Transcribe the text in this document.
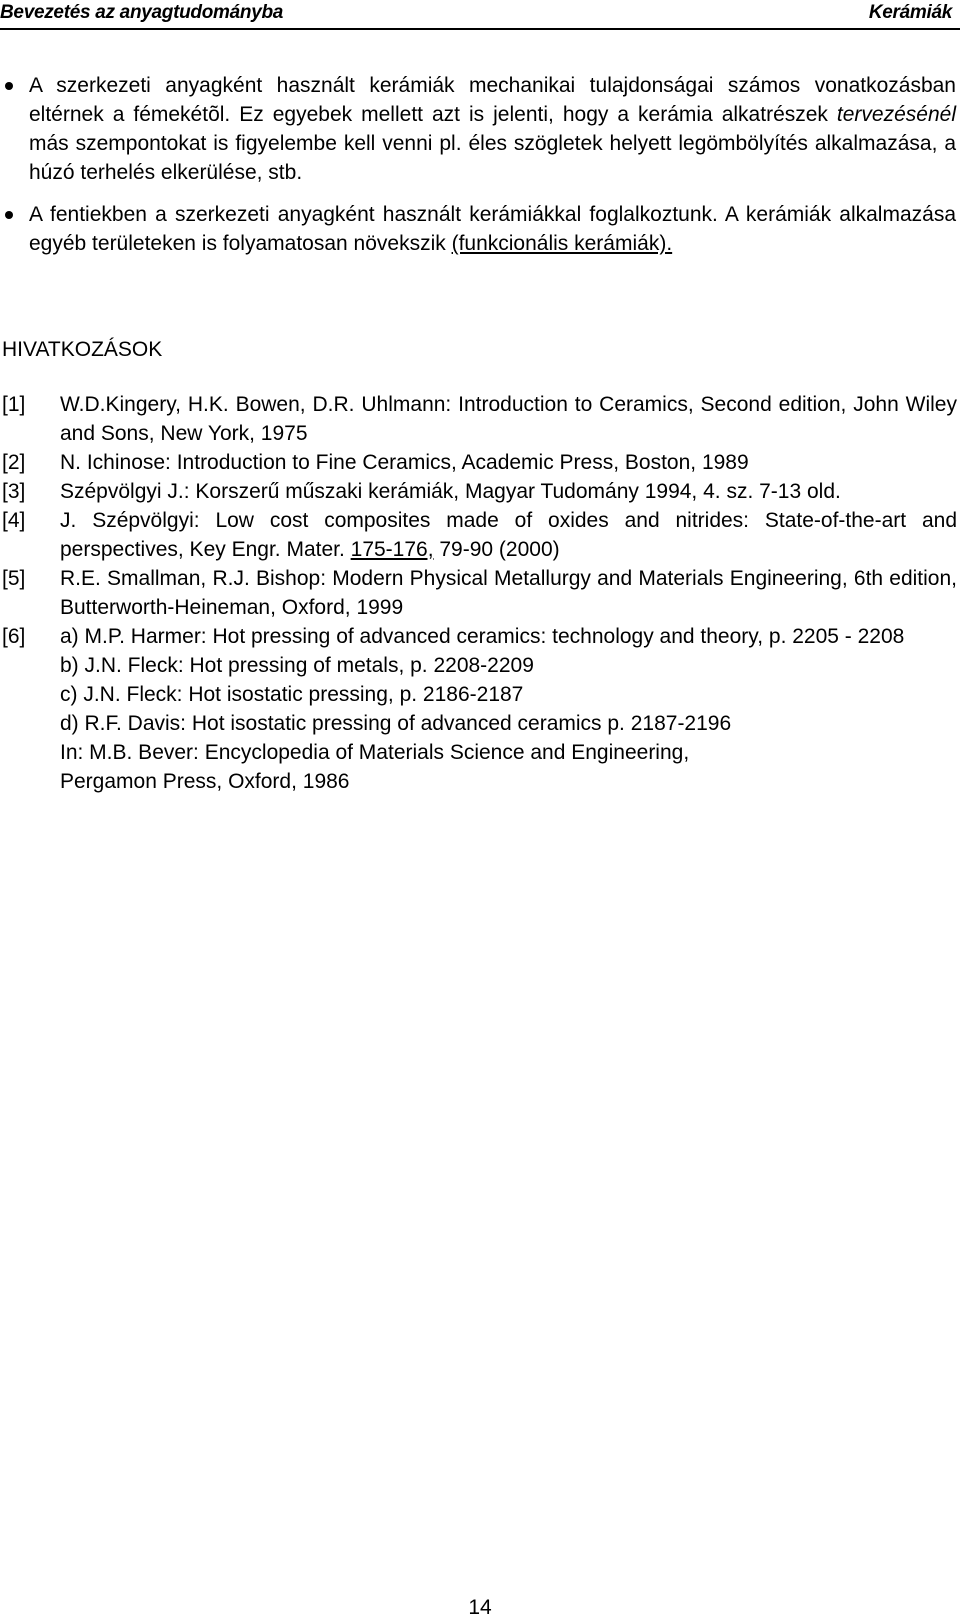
Bevezetés az anyagtudományba	Kerámiák
A szerkezeti anyagként használt kerámiák mechanikai tulajdonságai számos vonatkozásban eltérnek a fémekétõl. Ez egyebek mellett azt is jelenti, hogy a kerámia alkatrészek tervezésénél más szempontokat is figyelembe kell venni pl. éles szögletek helyett legömbölyítés alkalmazása, a húzó terhelés elkerülése, stb.
A fentiekben a szerkezeti anyagként használt kerámiákkal foglalkoztunk. A kerámiák alkalmazása egyéb területeken is folyamatosan növekszik (funkcionális kerámiák).
HIVATKOZÁSOK
[1]	W.D.Kingery, H.K. Bowen, D.R. Uhlmann: Introduction to Ceramics, Second edition, John Wiley and Sons, New York, 1975
[2]	N. Ichinose: Introduction to Fine Ceramics, Academic Press, Boston, 1989
[3]	Szépvölgyi J.: Korszerű műszaki kerámiák, Magyar Tudomány 1994, 4. sz. 7-13 old.
[4]	J. Szépvölgyi: Low cost composites made of oxides and nitrides: State-of-the-art and perspectives, Key Engr. Mater. 175-176, 79-90 (2000)
[5]	R.E. Smallman, R.J. Bishop: Modern Physical Metallurgy and Materials Engineering, 6th edition, Butterworth-Heineman, Oxford, 1999
[6]	a) M.P. Harmer: Hot pressing of advanced ceramics: technology and theory, p. 2205 - 2208
b) J.N. Fleck: Hot pressing of metals, p. 2208-2209
c) J.N. Fleck: Hot isostatic pressing, p. 2186-2187
d) R.F. Davis: Hot isostatic pressing of advanced ceramics p. 2187-2196
In: M.B. Bever: Encyclopedia of Materials Science and Engineering,
Pergamon Press, Oxford, 1986
14
